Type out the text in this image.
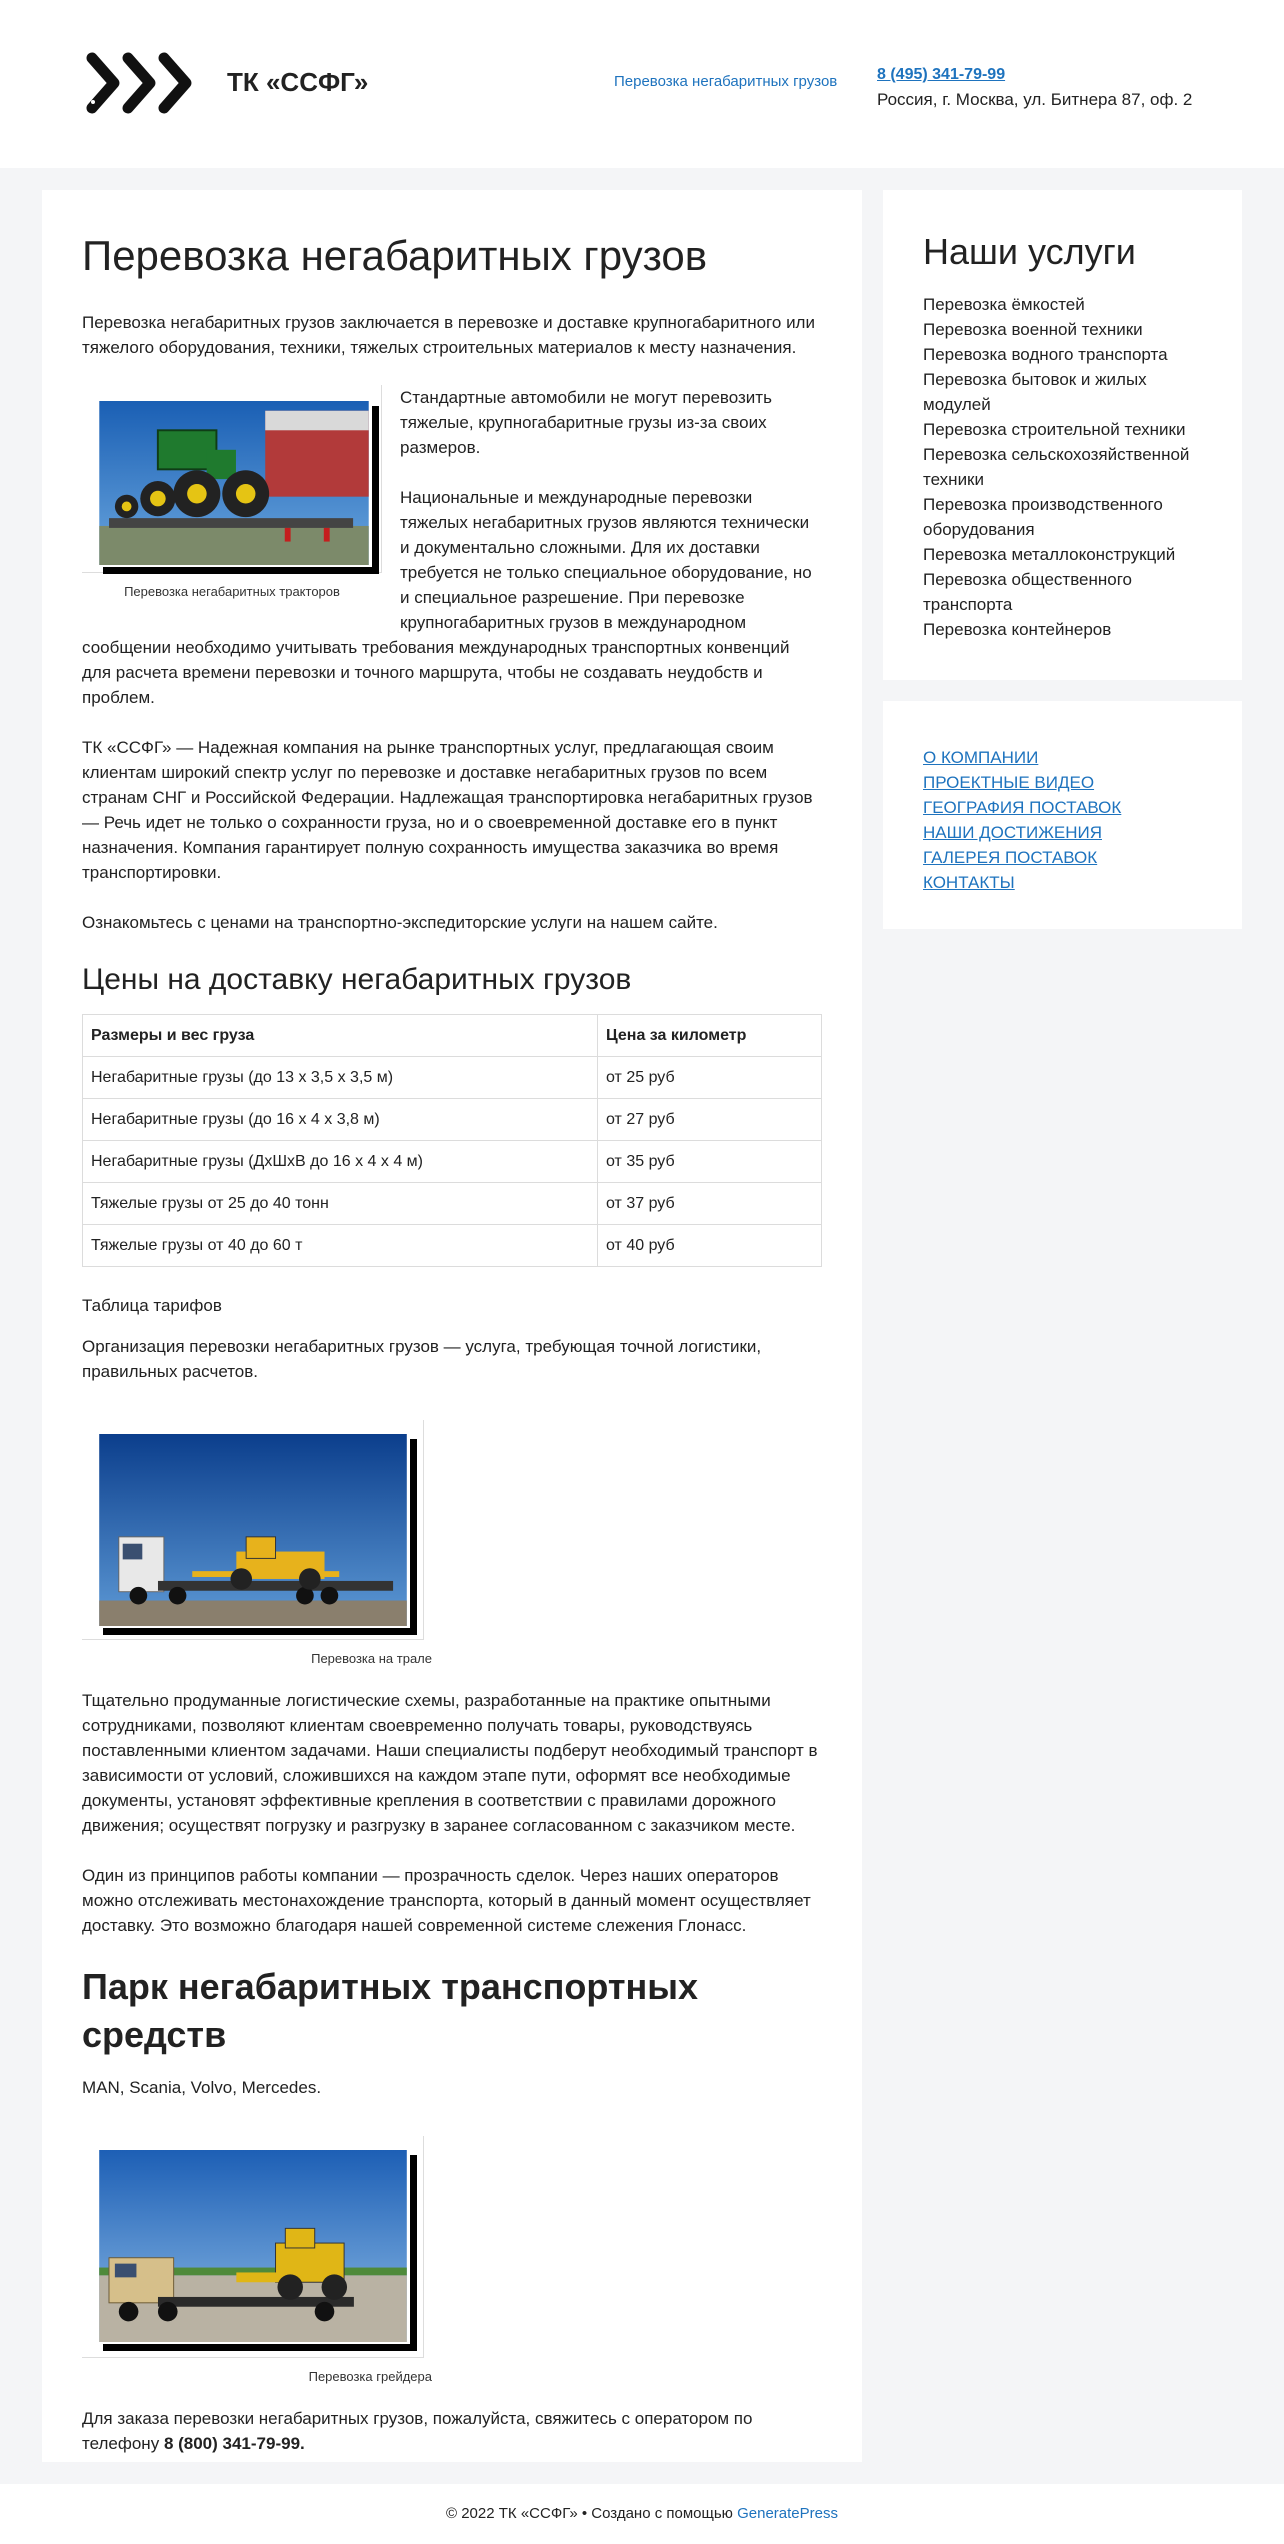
ТК «ССФГ»	Перевозка негабаритных грузов 8 (495) 341-79-99
Россия, г. Москва, ул. Битнера 87, оф. 2
Перевозка негабаритных грузов

Перевозка негабаритных грузов заключается в перевозке и доставке крупногабаритного или тяжелого оборудования, техники, тяжелых строительных материалов к месту назначения.

Перевозка негабаритных тракторов

Стандартные автомобили не могут перевозить тяжелые, крупногабаритные грузы из-за своих размеров.

Национальные и международные перевозки тяжелых негабаритных грузов являются технически и документально сложными. Для их доставки требуется не только специальное оборудование, но и специальное разрешение. При перевозке крупногабаритных грузов в международном сообщении необходимо учитывать требования международных транспортных конвенций для расчета времени перевозки и точного маршрута, чтобы не создавать неудобств и проблем.

ТК «ССФГ» — Надежная компания на рынке транспортных услуг, предлагающая своим клиентам широкий спектр услуг по перевозке и доставке негабаритных грузов по всем странам СНГ и Российской Федерации. Надлежащая транспортировка негабаритных грузов — Речь идет не только о сохранности груза, но и о своевременной доставке его в пункт назначения. Компания гарантирует полную сохранность имущества заказчика во время транспортировки.

Ознакомьтесь с ценами на транспортно-экспедиторские услуги на нашем сайте.

Цены на доставку негабаритных грузов
Размеры и вес груза	Цена за километр
Негабаритные грузы (до 13 х 3,5 х 3,5 м)	от 25 руб
Негабаритные грузы (до 16 х 4 х 3,8 м)	от 27 руб
Негабаритные грузы (ДхШхВ до 16 х 4 х 4 м)	от 35 руб
Тяжелые грузы от 25 до 40 тонн	от 37 руб
Тяжелые грузы от 40 до 60 т	от 40 руб

Таблица тарифов

Организация перевозки негабаритных грузов — услуга, требующая точной логистики, правильных расчетов.

Перевозка на трале

Тщательно продуманные логистические схемы, разработанные на практике опытными сотрудниками, позволяют клиентам своевременно получать товары, руководствуясь поставленными клиентом задачами. Наши специалисты подберут необходимый транспорт в зависимости от условий, сложившихся на каждом этапе пути, оформят все необходимые документы, установят эффективные крепления в соответствии с правилами дорожного движения; осуществят погрузку и разгрузку в заранее согласованном с заказчиком месте.

Один из принципов работы компании — прозрачность сделок. Через наших операторов можно отслеживать местонахождение транспорта, который в данный момент осуществляет доставку. Это возможно благодаря нашей современной системе слежения Глонасс.

Парк негабаритных транспортных средств

MAN, Scania, Volvo, Mercedes.

Перевозка грейдера

Для заказа перевозки негабаритных грузов, пожалуйста, свяжитесь с оператором по телефону 8 (800) 341-79-99.

Наши услуги
Перевозка ёмкостей
Перевозка военной техники
Перевозка водного транспорта
Перевозка бытовок и жилых модулей
Перевозка строительной техники
Перевозка сельскохозяйственной техники
Перевозка производственного оборудования
Перевозка металлоконструкций
Перевозка общественного транспорта
Перевозка контейнеров
О КОМПАНИИ
ПРОЕКТНЫЕ ВИДЕО
ГЕОГРАФИЯ ПОСТАВОК
НАШИ ДОСТИЖЕНИЯ
ГАЛЕРЕЯ ПОСТАВОК
КОНТАКТЫ
© 2022 ТК «ССФГ» • Создано с помощью GeneratePress
